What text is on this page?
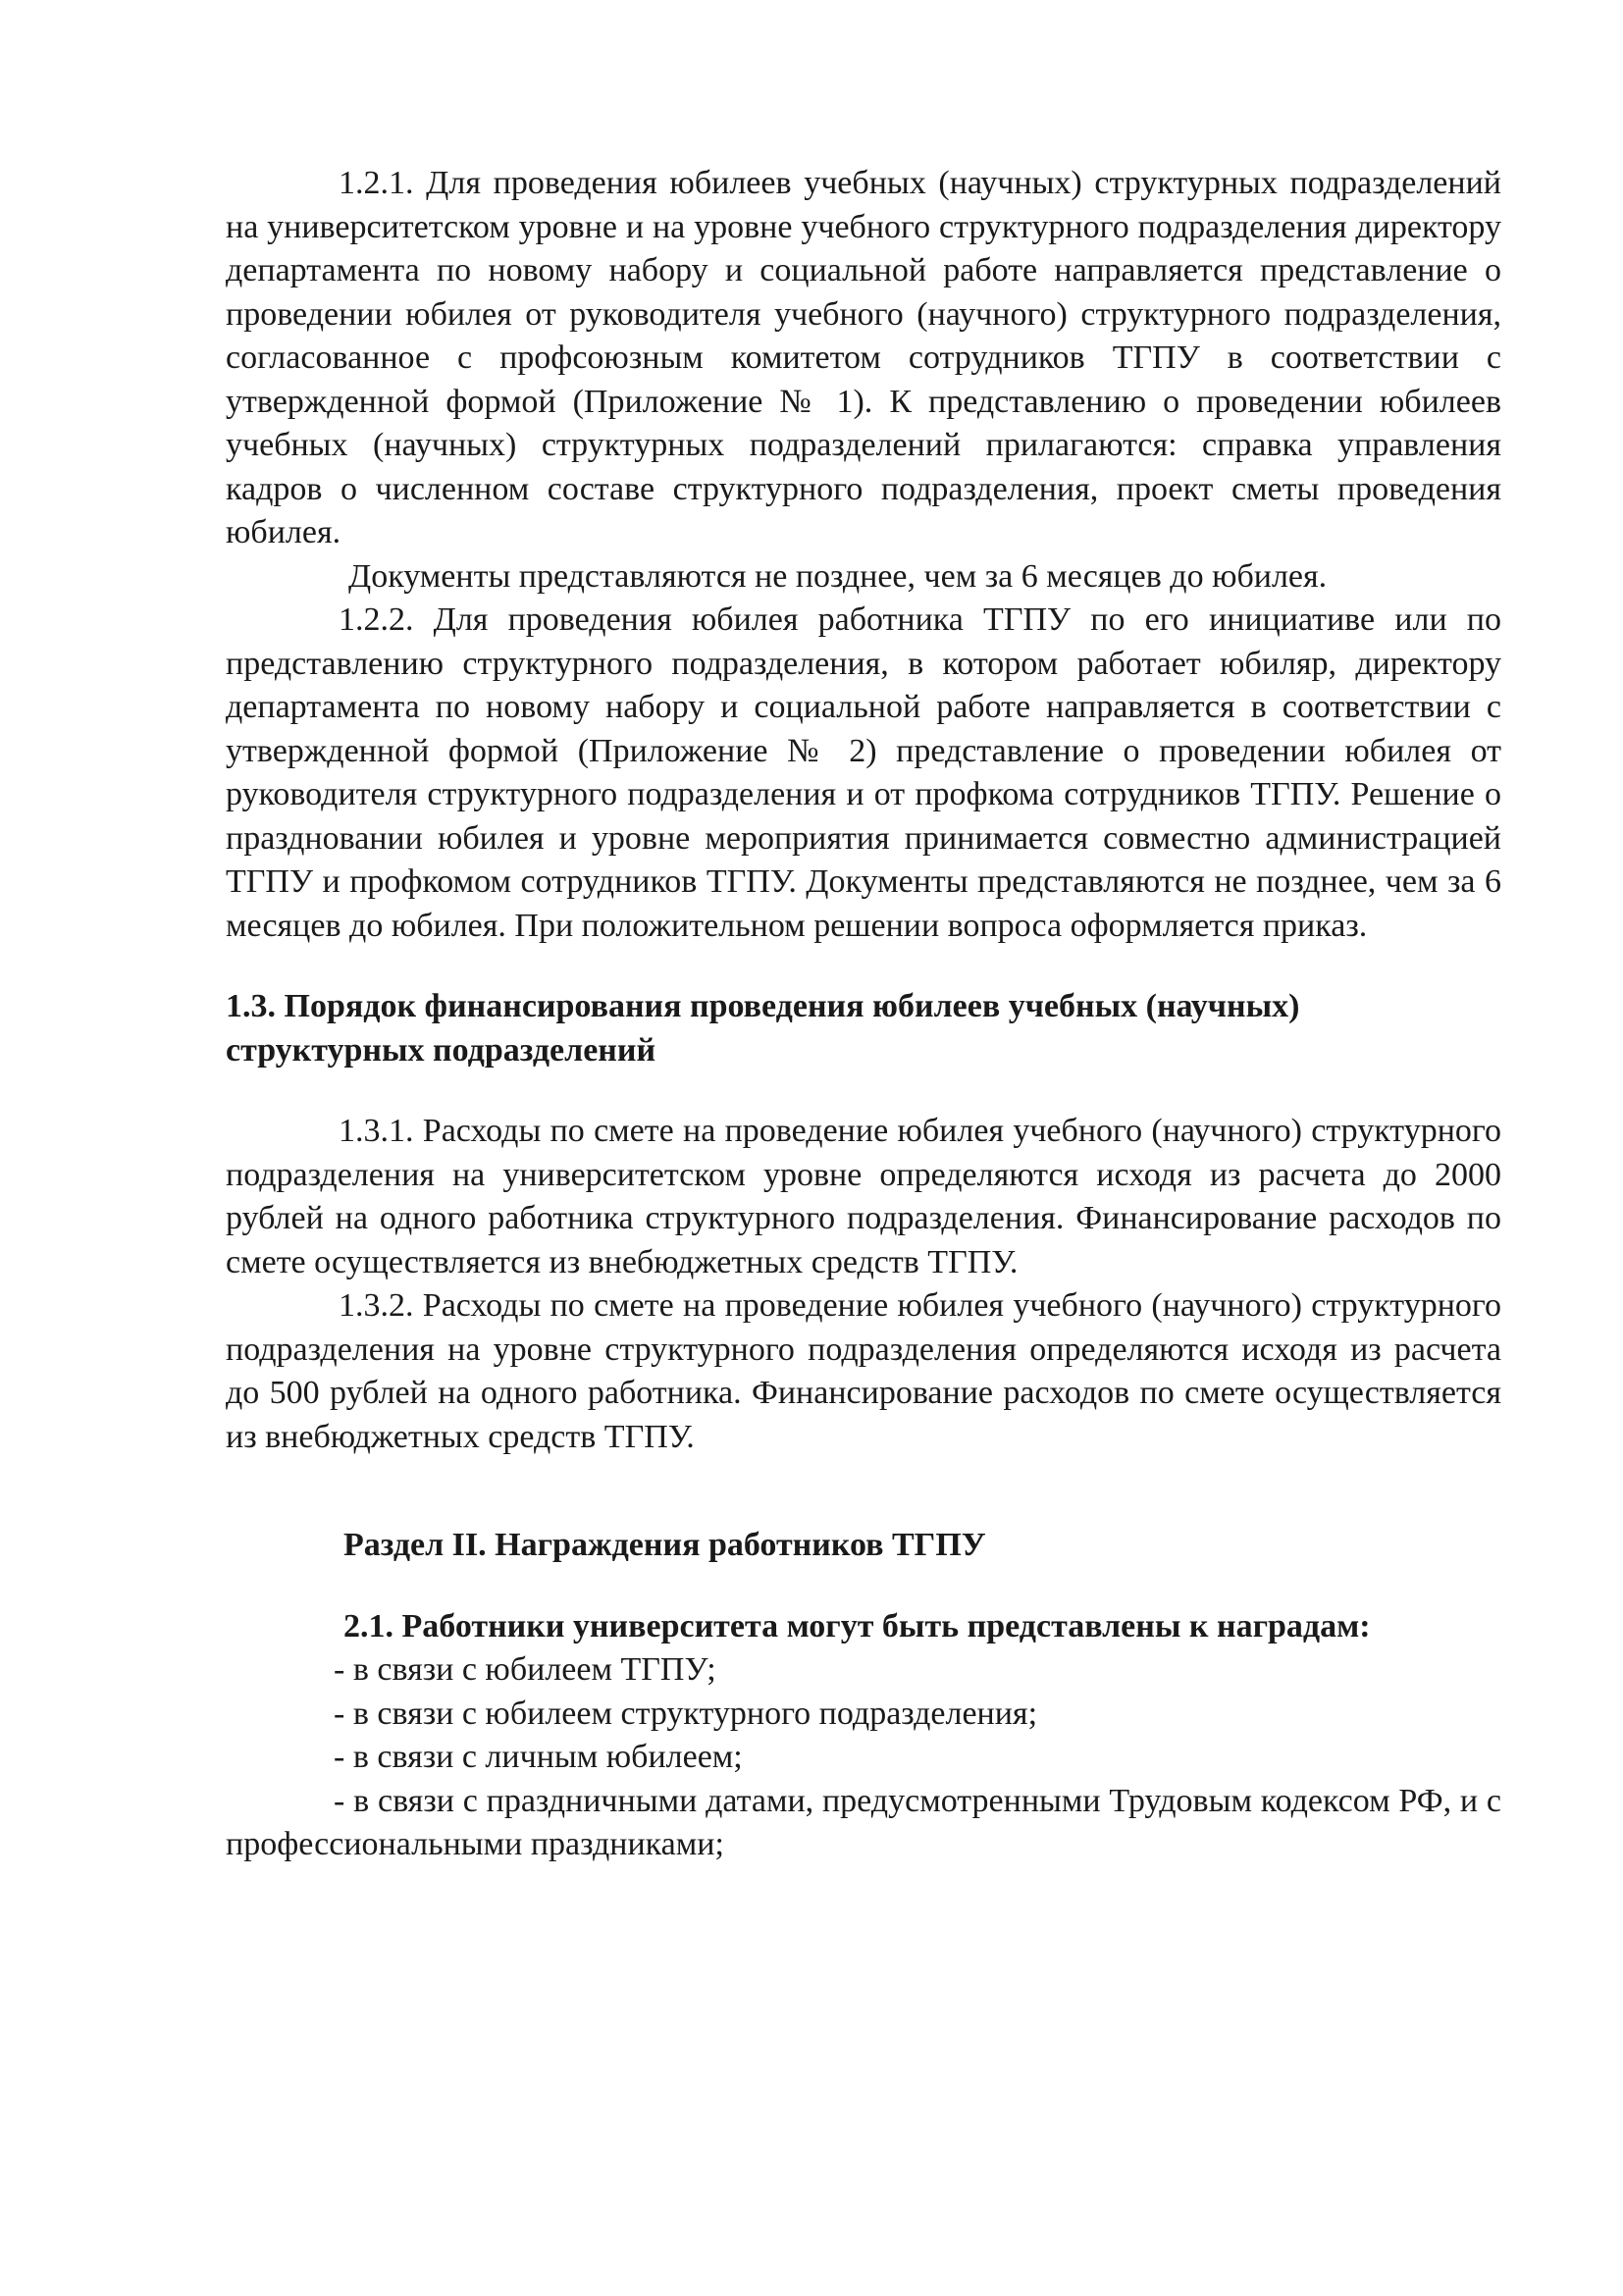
1.2.1. Для проведения юбилеев учебных (научных) структурных подразделений на университетском уровне и на уровне учебного структурного подразделения директору департамента по новому набору и социальной работе направляется представление о проведении юбилея от руководителя учебного (научного) структурного подразделения, согласованное с профсоюзным комитетом сотрудников ТГПУ в соответствии с утвержденной формой (Приложение № 1). К представлению о проведении юбилеев учебных (научных) структурных подразделений прилагаются: справка управления кадров о численном составе структурного подразделения, проект сметы проведения юбилея.

Документы представляются не позднее, чем за 6 месяцев до юбилея.

1.2.2. Для проведения юбилея работника ТГПУ по его инициативе или по представлению структурного подразделения, в котором работает юбиляр, директору департамента по новому набору и социальной работе направляется в соответствии с утвержденной формой (Приложение № 2) представление о проведении юбилея от руководителя структурного подразделения и от профкома сотрудников ТГПУ. Решение о праздновании юбилея и уровне мероприятия принимается совместно администрацией ТГПУ и профкомом сотрудников ТГПУ. Документы представляются не позднее, чем за 6 месяцев до юбилея. При положительном решении вопроса оформляется приказ.

1.3. Порядок финансирования проведения юбилеев учебных (научных) структурных подразделений

1.3.1. Расходы по смете на проведение юбилея учебного (научного) структурного подразделения на университетском уровне определяются исходя из расчета до 2000 рублей на одного работника структурного подразделения. Финансирование расходов по смете осуществляется из внебюджетных средств ТГПУ.

1.3.2. Расходы по смете на проведение юбилея учебного (научного) структурного подразделения на уровне структурного подразделения определяются исходя из расчета до 500 рублей на одного работника. Финансирование расходов по смете осуществляется из внебюджетных средств ТГПУ.

Раздел II. Награждения работников ТГПУ

2.1. Работники университета могут быть представлены к наградам:

- в связи с юбилеем ТГПУ;
- в связи с юбилеем структурного подразделения;
- в связи с личным юбилеем;
- в связи с праздничными датами, предусмотренными Трудовым кодексом РФ, и с профессиональными праздниками;
